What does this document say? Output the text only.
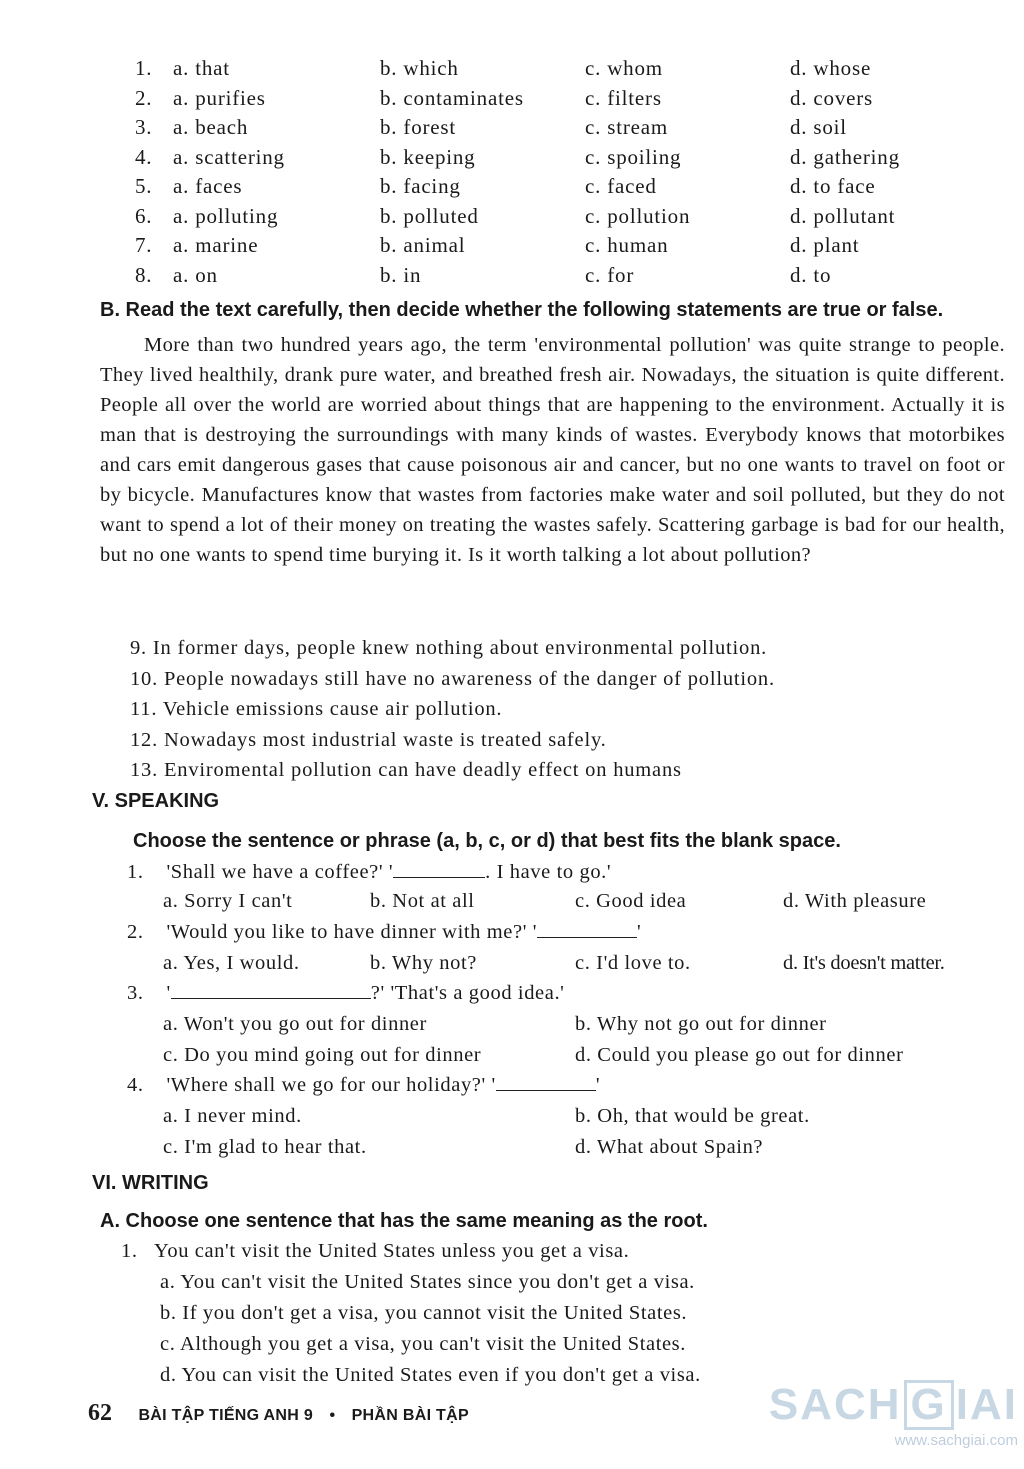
1. a. that	b. which	c. whom	d. whose
2. a. purifies	b. contaminates	c. filters	d. covers
3. a. beach	b. forest	c. stream	d. soil
4. a. scattering	b. keeping	c. spoiling	d. gathering
5. a. faces	b. facing	c. faced	d. to face
6. a. polluting	b. polluted	c. pollution	d. pollutant
7. a. marine	b. animal	c. human	d. plant
8. a. on	b. in	c. for	d. to
B. Read the text carefully, then decide whether the following statements are true or false.
More than two hundred years ago, the term 'environmental pollution' was quite strange to people. They lived healthily, drank pure water, and breathed fresh air. Nowadays, the situation is quite different. People all over the world are worried about things that are happening to the environment. Actually it is man that is destroying the surroundings with many kinds of wastes. Everybody knows that motorbikes and cars emit dangerous gases that cause poisonous air and cancer, but no one wants to travel on foot or by bicycle. Manufactures know that wastes from factories make water and soil polluted, but they do not want to spend a lot of their money on treating the wastes safely. Scattering garbage is bad for our health, but no one wants to spend time burying it. Is it worth talking a lot about pollution?
9. In former days, people knew nothing about environmental pollution.
10. People nowadays still have no awareness of the danger of pollution.
11. Vehicle emissions cause air pollution.
12. Nowadays most industrial waste is treated safely.
13. Enviromental pollution can have deadly effect on humans
V. SPEAKING
Choose the sentence or phrase (a, b, c, or d) that best fits the blank space.
1. 'Shall we have a coffee?' '	. I have to go.'
a. Sorry I can't	b. Not at all	c. Good idea	d. With pleasure
2. 'Would you like to have dinner with me?' '	'
a. Yes, I would.	b. Why not?	c. I'd love to.	d. It's doesn't matter.
3. '	?' 'That's a good idea.'
a. Won't you go out for dinner	b. Why not go out for dinner
c. Do you mind going out for dinner	d. Could you please go out for dinner
4. 'Where shall we go for our holiday?' '	'
a. I never mind.	b. Oh, that would be great.
c. I'm glad to hear that.	d. What about Spain?
VI. WRITING
A. Choose one sentence that has the same meaning as the root.
1. You can't visit the United States unless you get a visa.
a. You can't visit the United States since you don't get a visa.
b. If you don't get a visa, you cannot visit the United States.
c. Although you get a visa, you can't visit the United States.
d. You can visit the United States even if you don't get a visa.
62 BÀI TẬP TIẾNG ANH 9 • PHẦN BÀI TẬP	SACH G IAI
www.sachgiai.com
